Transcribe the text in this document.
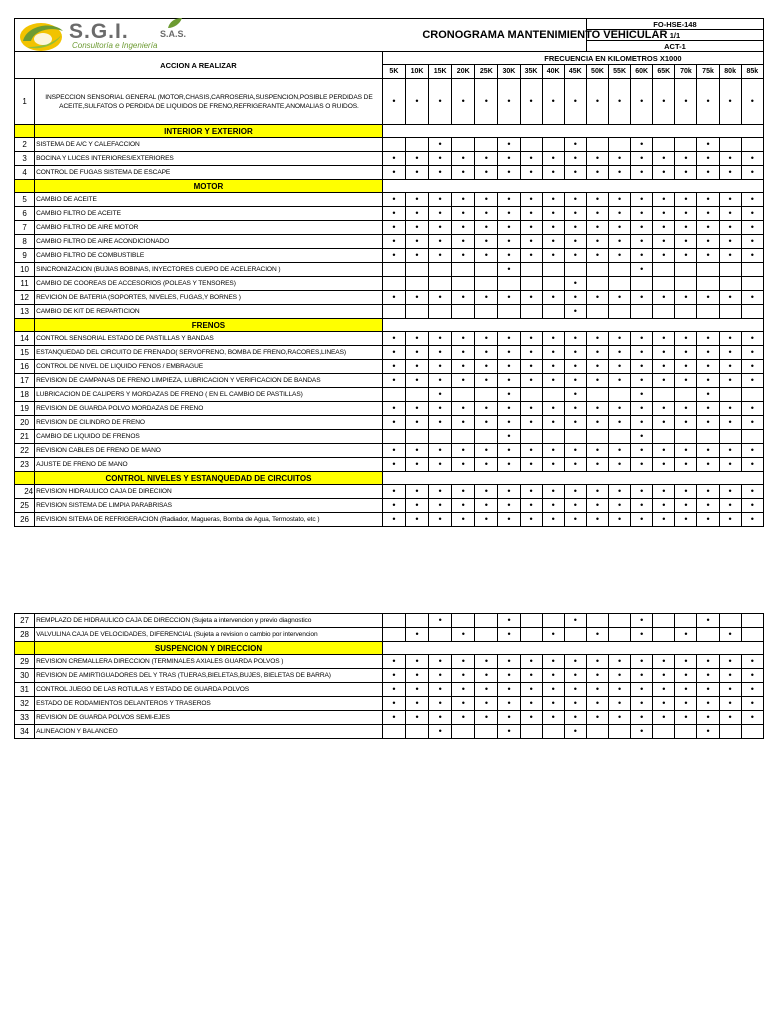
S.G.I. S.A.S.
Consultoría e Ingeniería		CRONOGRAMA MANTENIMIENTO VEHICULAR									FO-HSE-148							
											1/1							
											ACT-1							
ACCION A REALIZAR		FRECUENCIA EN KILOMETROS X1000																
		5K	10K	15K	20K	25K	30K	35K	40K	45K	50K	55K	60K	65K	70k	75k	80k	85k
1	INSPECCION SENSORIAL GENERAL (MOTOR,CHASIS,CARROSERIA,SUSPENCION,POSIBLE PERDIDAS DE ACEITE,SULFATOS O PERDIDA DE LIQUIDOS DE FRENO,REFRIGERANTE,ANOMALIAS O RUIDOS.	•	•	•	•	•	•	•	•	•	•	•	•	•	•	•	•	•
	INTERIOR Y EXTERIOR																	
2	SISTEMA DE A/C Y CALEFACCION			•			•			•			•			•		
3	BOCINA Y LUCES INTERIORES/EXTERIORES	•	•	•	•	•	•	•	•	•	•	•	•	•	•	•	•	•
4	CONTROL DE FUGAS SISTEMA DE ESCAPE	•	•	•	•	•	•	•	•	•	•	•	•	•	•	•	•	•
	MOTOR																	
5	CAMBIO DE ACEITE	•	•	•	•	•	•	•	•	•	•	•	•	•	•	•	•	•
6	CAMBIO FILTRO DE ACEITE	•	•	•	•	•	•	•	•	•	•	•	•	•	•	•	•	•
7	CAMBIO FILTRO DE AIRE MOTOR	•	•	•	•	•	•	•	•	•	•	•	•	•	•	•	•	•
8	CAMBIO FILTRO DE AIRE ACONDICIONADO	•	•	•	•	•	•	•	•	•	•	•	•	•	•	•	•	•
9	CAMBIO FILTRO DE COMBUSTIBLE	•	•	•	•	•	•	•	•	•	•	•	•	•	•	•	•	•
10	SINCRONIZACION (BUJIAS BOBINAS, INYECTORES CUEPO DE ACELERACION )						•						•					
11	CAMBIO DE COOREAS DE ACCESORIOS (POLEAS Y TENSORES)									•								
12	REVICION DE BATERIA (SOPORTES, NIVELES, FUGAS,Y BORNES )	•	•	•	•	•	•	•	•	•	•	•	•	•	•	•	•	•
13	CAMBIO DE KIT DE REPARTICION									•								
	FRENOS																	
14	CONTROL SENSORIAL ESTADO DE PASTILLAS Y BANDAS	•	•	•	•	•	•	•	•	•	•	•	•	•	•	•	•	•
15	ESTANQUEDAD DEL CIRCUITO DE FRENADO( SERVOFRENO, BOMBA DE FRENO,RACORES,LINEAS)	•	•	•	•	•	•	•	•	•	•	•	•	•	•	•	•	•
16	CONTROL DE NIVEL DE LIQUIDO FENOS / EMBRAGUE	•	•	•	•	•	•	•	•	•	•	•	•	•	•	•	•	•
17	REVISION DE CAMPANAS DE FRENO LIMPIEZA, LUBRICACION Y VERIFICACION DE BANDAS	•	•	•	•	•	•	•	•	•	•	•	•	•	•	•	•	•
18	LUBRICACION DE CALIPERS Y MORDAZAS DE FRENO ( EN EL CAMBIO DE PASTILLAS)			•			•			•			•			•		
19	REVISION DE GUARDA POLVO MORDAZAS DE FRENO	•	•	•	•	•	•	•	•	•	•	•	•	•	•	•	•	•
20	REVISION DE CILINDRO DE FRENO	•	•	•	•	•	•	•	•	•	•	•	•	•	•	•	•	•
21	CAMBIO DE LIQUIDO DE FRENOS						•						•					
22	REVISION CABLES DE FRENO DE MANO	•	•	•	•	•	•	•	•	•	•	•	•	•	•	•	•	•
23	AJUSTE DE FRENO DE MANO	•	•	•	•	•	•	•	•	•	•	•	•	•	•	•	•	•
	CONTROL NIVELES Y ESTANQUEDAD DE CIRCUITOS																	
24	REVISION HIDRAULICO CAJA DE DIRECIION	•	•	•	•	•	•	•	•	•	•	•	•	•	•	•	•	•
25	REVISION SISTEMA DE LIMPIA PARABRISAS	•	•	•	•	•	•	•	•	•	•	•	•	•	•	•	•	•
26	REVISION SITEMA DE REFRIGERACION (Radiador, Magueras, Bomba de Agua, Termostato, etc )	•	•	•	•	•	•	•	•	•	•	•	•	•	•	•	•	•
27	REMPLAZO DE HIDRAULICO CAJA DE DIRECCION (Sujeta a intervencion y previo diagnostico			•			•			•			•			•		
28	VALVULINA CAJA DE VELOCIDADES, DIFERENCIAL (Sujeta a revision o cambio por intervencion		•		•		•		•		•		•		•		•	
	SUSPENCION Y DIRECCION																	
29	REVISION CREMALLERA DIRECCION (TERMINALES AXIALES GUARDA POLVOS )	•	•	•	•	•	•	•	•	•	•	•	•	•	•	•	•	•
30	REVISION DE AMIRTIGUADORES DEL Y TRAS (TUERAS,BIELETAS,BUJES, BIELETAS DE BARRA)	•	•	•	•	•	•	•	•	•	•	•	•	•	•	•	•	•
31	CONTROL JUEGO DE LAS ROTULAS Y ESTADO DE GUARDA POLVOS	•	•	•	•	•	•	•	•	•	•	•	•	•	•	•	•	•
32	ESTADO DE RODAMIENTOS DELANTEROS Y TRASEROS	•	•	•	•	•	•	•	•	•	•	•	•	•	•	•	•	•
33	REVISION DE GUARDA POLVOS SEMI-EJES	•	•	•	•	•	•	•	•	•	•	•	•	•	•	•	•	•
34	ALINEACION Y BALANCEO			•			•			•			•			•		
